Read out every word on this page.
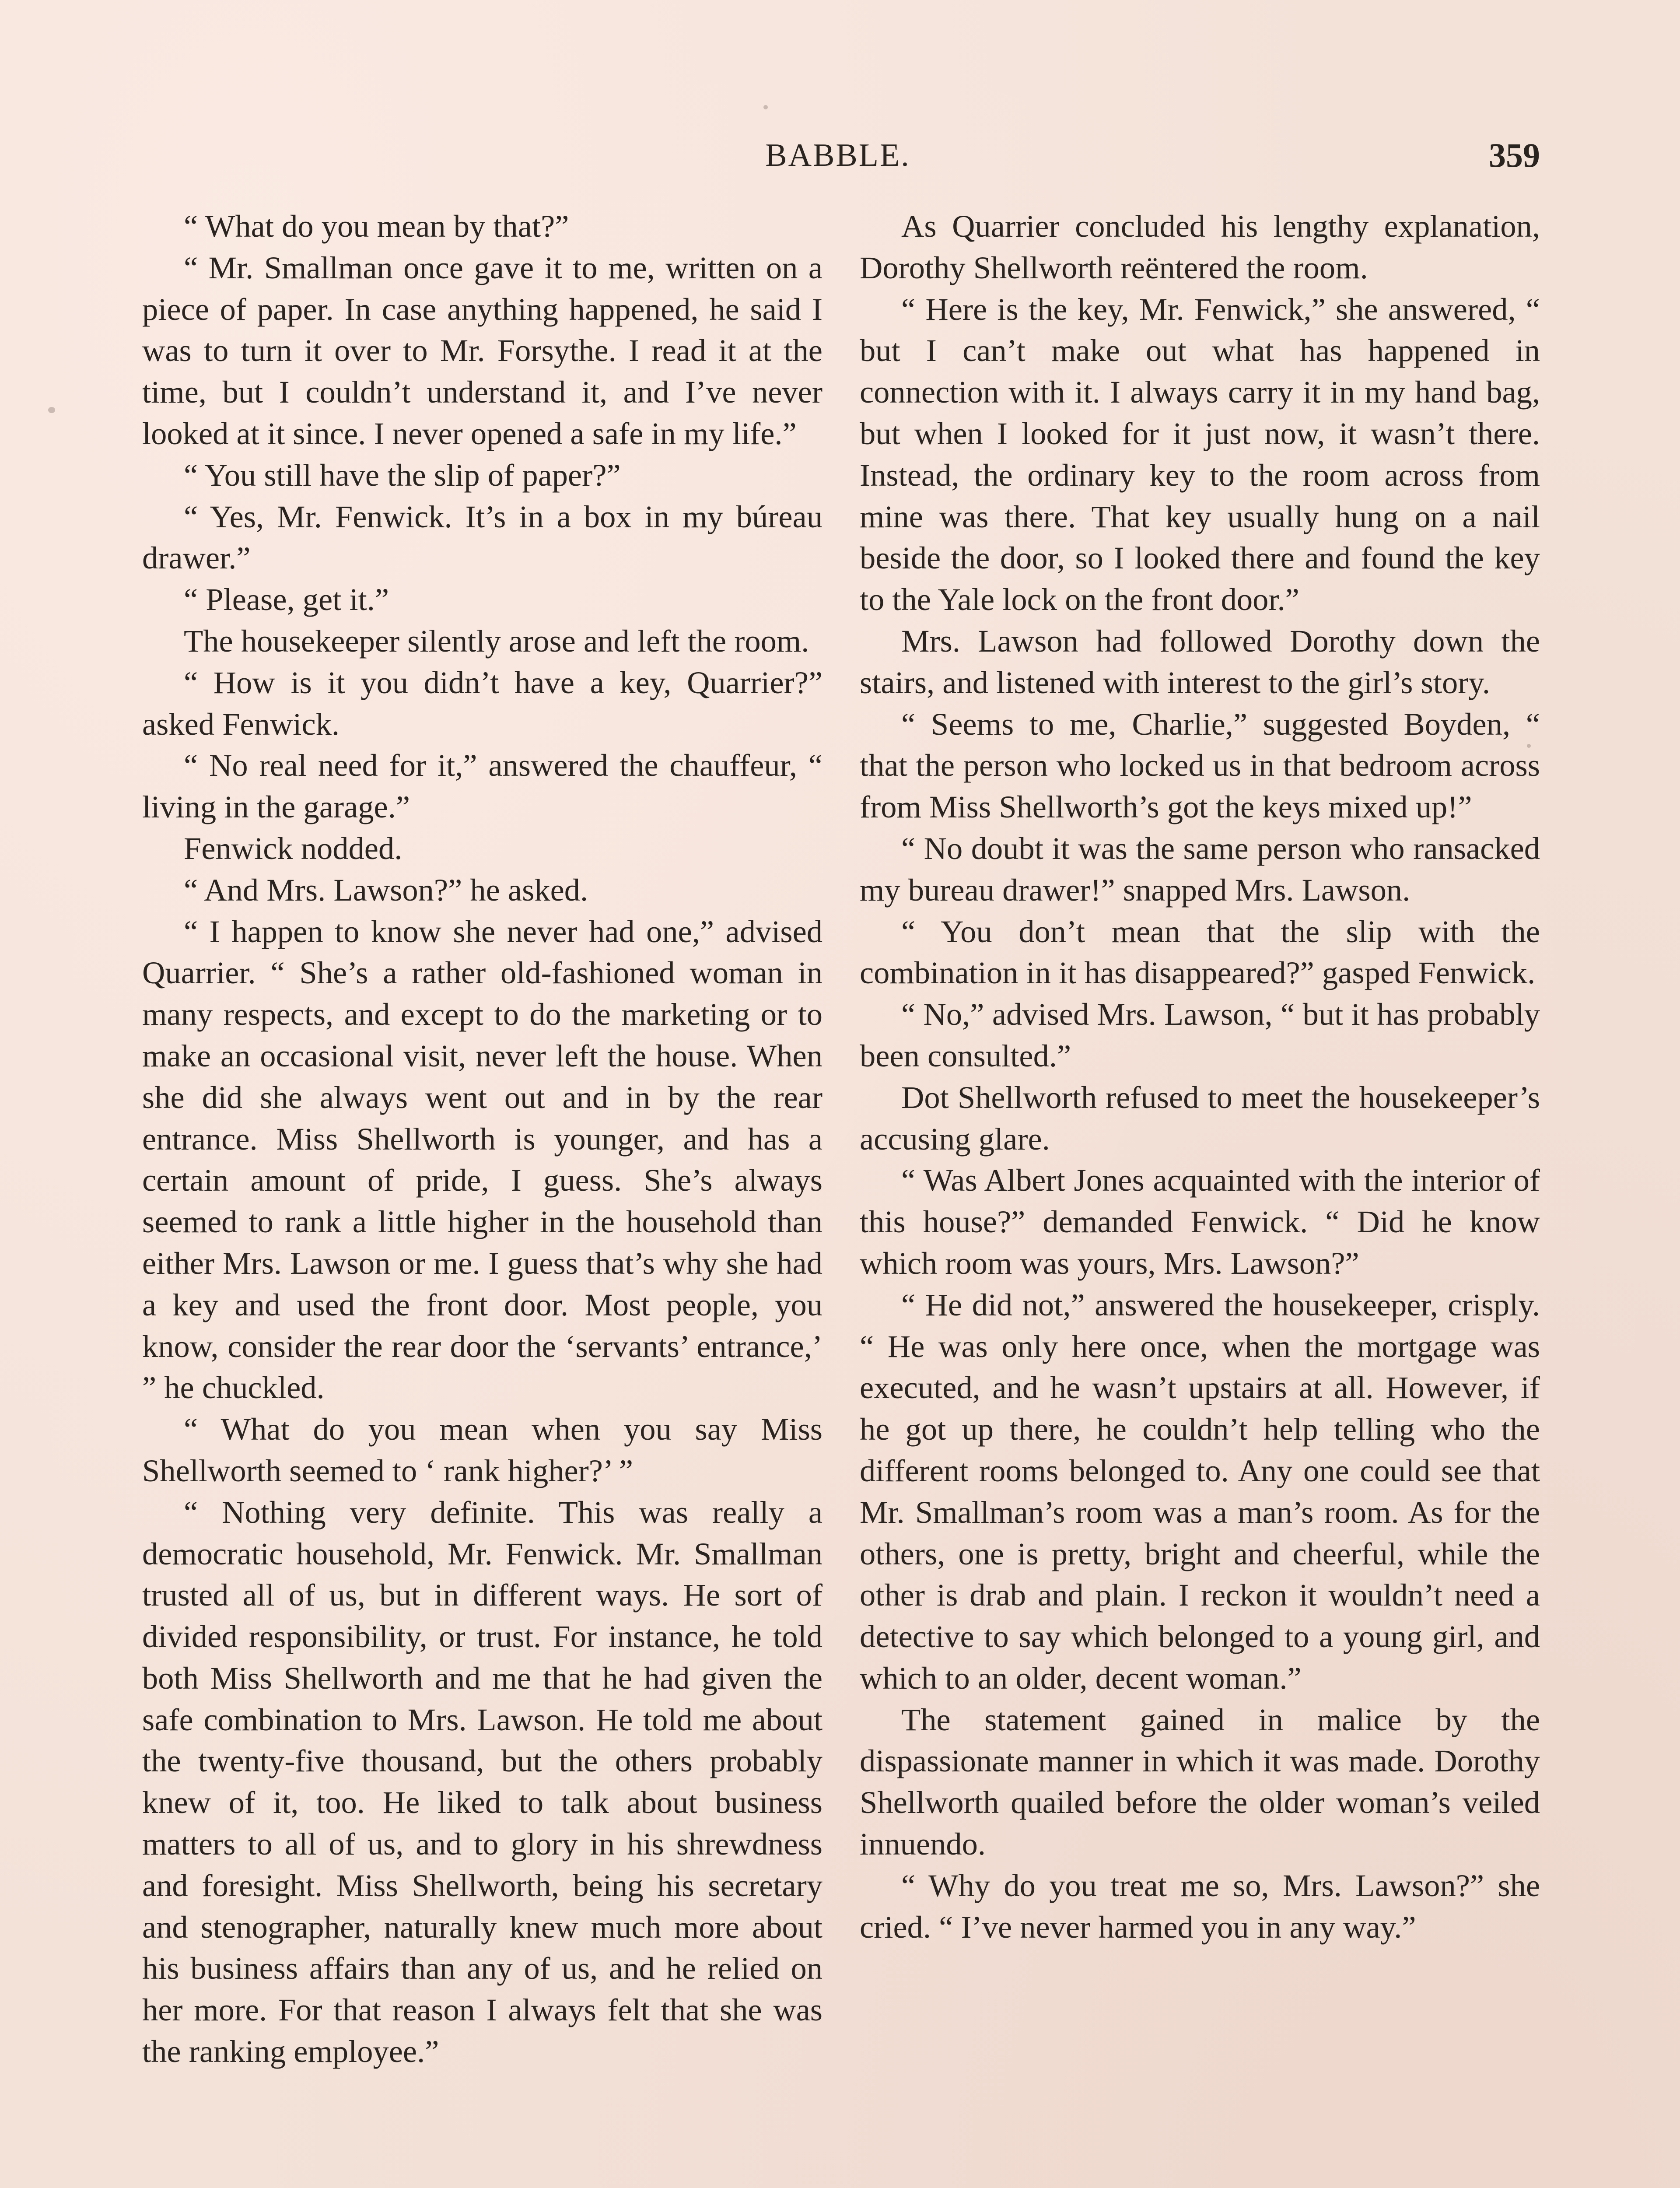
BABBLE.	359

“ What do you mean by that?”

“ Mr. Smallman once gave it to me, written on a piece of paper. In case anything happened, he said I was to turn it over to Mr. Forsythe. I read it at the time, but I couldn’t understand it, and I’ve never looked at it since. I never opened a safe in my life.”

“ You still have the slip of paper?”

“ Yes, Mr. Fenwick. It’s in a box in my búreau drawer.”

“ Please, get it.”

The housekeeper silently arose and left the room.

“ How is it you didn’t have a key, Quarrier?” asked Fenwick.

“ No real need for it,” answered the chauffeur, “ living in the garage.”

Fenwick nodded.

“ And Mrs. Lawson?” he asked.

“ I happen to know she never had one,” advised Quarrier. “ She’s a rather old-fashioned woman in many respects, and except to do the marketing or to make an occasional visit, never left the house. When she did she always went out and in by the rear entrance. Miss Shellworth is younger, and has a certain amount of pride, I guess. She’s always seemed to rank a little higher in the household than either Mrs. Lawson or me. I guess that’s why she had a key and used the front door. Most people, you know, consider the rear door the ‘servants’ entrance,’ ” he chuckled.

“ What do you mean when you say Miss Shellworth seemed to ‘ rank higher?’ ”

“ Nothing very definite. This was really a democratic household, Mr. Fenwick. Mr. Smallman trusted all of us, but in different ways. He sort of divided responsibility, or trust. For instance, he told both Miss Shellworth and me that he had given the safe combination to Mrs. Lawson. He told me about the twenty-five thousand, but the others probably knew of it, too. He liked to talk about business matters to all of us, and to glory in his shrewdness and foresight. Miss Shellworth, being his secretary and stenographer, naturally knew much more about his business affairs than any of us, and he relied on her more. For that reason I always felt that she was the ranking employee.”

As Quarrier concluded his lengthy explanation, Dorothy Shellworth reëntered the room.

“ Here is the key, Mr. Fenwick,” she answered, “ but I can’t make out what has happened in connection with it. I always carry it in my hand bag, but when I looked for it just now, it wasn’t there. Instead, the ordinary key to the room across from mine was there. That key usually hung on a nail beside the door, so I looked there and found the key to the Yale lock on the front door.”

Mrs. Lawson had followed Dorothy down the stairs, and listened with interest to the girl’s story.

“ Seems to me, Charlie,” suggested Boyden, “ that the person who locked us in that bedroom across from Miss Shellworth’s got the keys mixed up!”

“ No doubt it was the same person who ransacked my bureau drawer!” snapped Mrs. Lawson.

“ You don’t mean that the slip with the combination in it has disappeared?” gasped Fenwick.

“ No,” advised Mrs. Lawson, “ but it has probably been consulted.”

Dot Shellworth refused to meet the housekeeper’s accusing glare.

“ Was Albert Jones acquainted with the interior of this house?” demanded Fenwick. “ Did he know which room was yours, Mrs. Lawson?”

“ He did not,” answered the housekeeper, crisply. “ He was only here once, when the mortgage was executed, and he wasn’t upstairs at all. However, if he got up there, he couldn’t help telling who the different rooms belonged to. Any one could see that Mr. Smallman’s room was a man’s room. As for the others, one is pretty, bright and cheerful, while the other is drab and plain. I reckon it wouldn’t need a detective to say which belonged to a young girl, and which to an older, decent woman.”

The statement gained in malice by the dispassionate manner in which it was made. Dorothy Shellworth quailed before the older woman’s veiled innuendo.

“ Why do you treat me so, Mrs. Lawson?” she cried. “ I’ve never harmed you in any way.”
